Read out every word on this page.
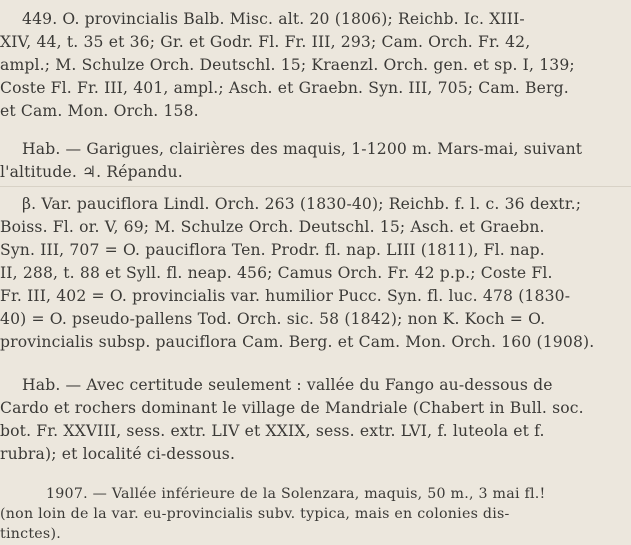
449. O. provincialis Balb. Misc. alt. 20 (1806); Reichb. Ic. XIII-
XIV, 44, t. 35 et 36; Gr. et Godr. Fl. Fr. III, 293; Cam. Orch. Fr. 42,
ampl.; M. Schulze Orch. Deutschl. 15; Kraenzl. Orch. gen. et sp. I, 139;
Coste Fl. Fr. III, 401, ampl.; Asch. et Graebn. Syn. III, 705; Cam. Berg.
et Cam. Mon. Orch. 158.
Hab. — Garigues, clairières des maquis, 1-1200 m. Mars-mai, suivant
l'altitude. ♃. Répandu.
β. Var. pauciflora Lindl. Orch. 263 (1830-40); Reichb. f. l. c. 36 dextr.;
Boiss. Fl. or. V, 69; M. Schulze Orch. Deutschl. 15; Asch. et Graebn.
Syn. III, 707 = O. pauciflora Ten. Prodr. fl. nap. LIII (1811), Fl. nap.
II, 288, t. 88 et Syll. fl. neap. 456; Camus Orch. Fr. 42 p.p.; Coste Fl.
Fr. III, 402 = O. provincialis var. humilior Pucc. Syn. fl. luc. 478 (1830-
40) = O. pseudo-pallens Tod. Orch. sic. 58 (1842); non K. Koch = O.
provincialis subsp. pauciflora Cam. Berg. et Cam. Mon. Orch. 160 (1908).
Hab. — Avec certitude seulement : vallée du Fango au-dessous de
Cardo et rochers dominant le village de Mandriale (Chabert in Bull. soc.
bot. Fr. XXVIII, sess. extr. LIV et XXIX, sess. extr. LVI, f. luteola et f.
rubra); et localité ci-dessous.
1907. — Vallée inférieure de la Solenzara, maquis, 50 m., 3 mai fl.!
(non loin de la var. eu-provincialis subv. typica, mais en colonies dis-
tinctes).
